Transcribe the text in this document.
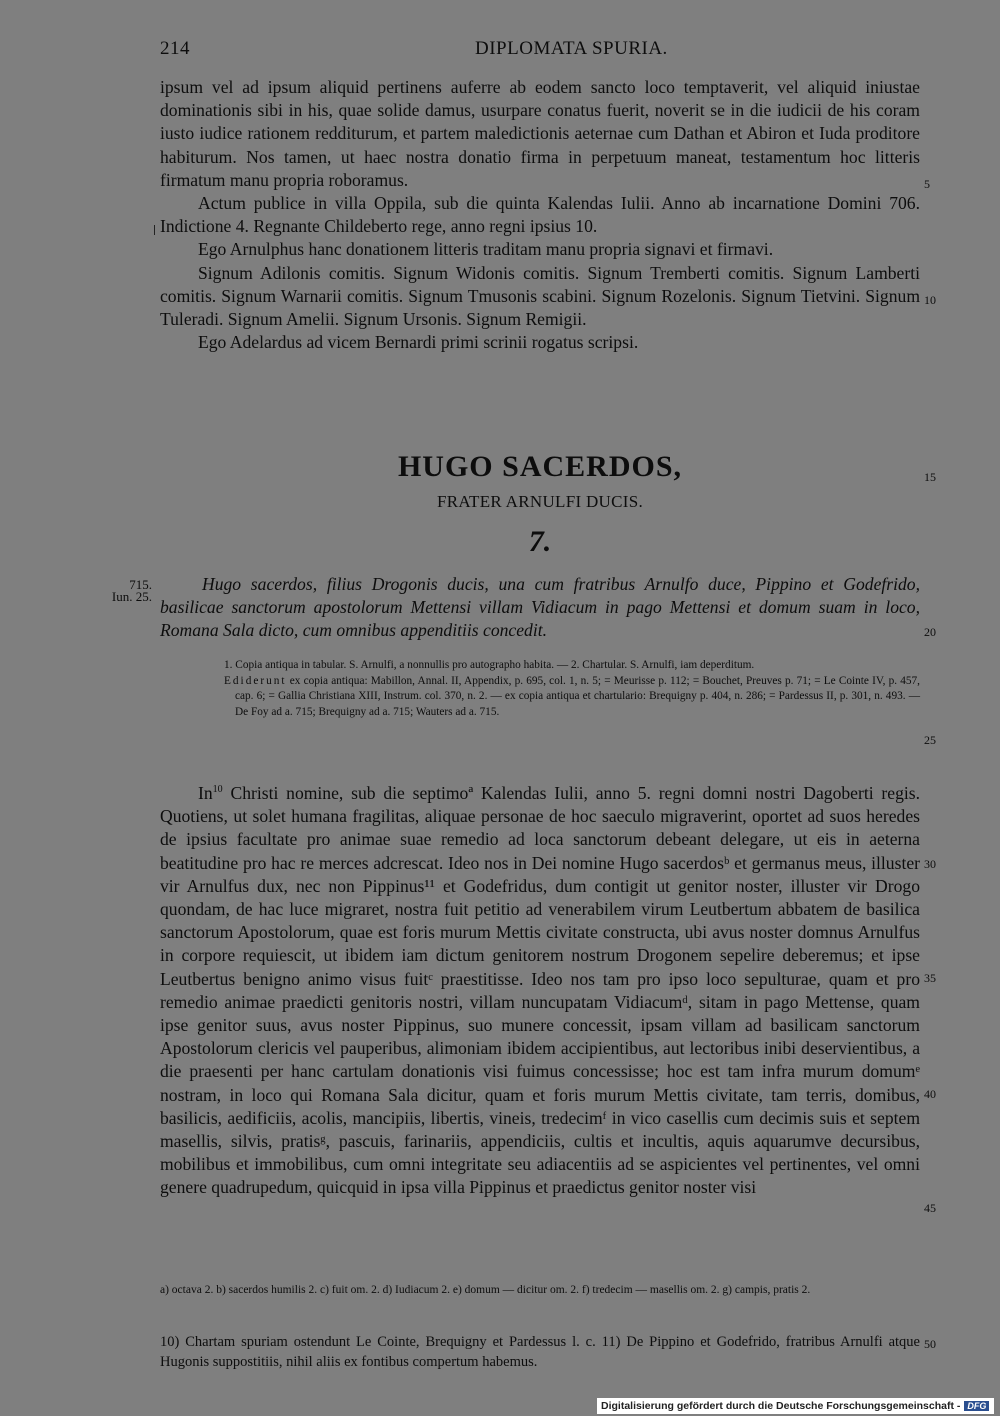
214	DIPLOMATA SPURIA.

ipsum vel ad ipsum aliquid pertinens auferre ab eodem sancto loco temptaverit, vel aliquid iniustae dominationis sibi in his, quae solide damus, usurpare conatus fuerit, noverit se in die iudicii de his coram iusto iudice rationem redditurum, et partem maledictionis aeternae cum Dathan et Abiron et Iuda proditore habiturum. Nos tamen, ut haec nostra donatio firma in perpetuum maneat, testamentum hoc litteris firmatum manu propria roboramus.

Actum publice in villa Oppila, sub die quinta Kalendas Iulii. Anno ab incarnatione Domini 706. Indictione 4. Regnante Childeberto rege, anno regni ipsius 10.

Ego Arnulphus hanc donationem litteris traditam manu propria signavi et firmavi.

Signum Adilonis comitis. Signum Widonis comitis. Signum Tremberti comitis. Signum Lamberti comitis. Signum Warnarii comitis. Signum Tmusonis scabini. Signum Rozelonis. Signum Tietvini. Signum Tuleradi. Signum Amelii. Signum Ursonis. Signum Remigii.

Ego Adelardus ad vicem Bernardi primi scrinii rogatus scripsi.

HUGO SACERDOS,
FRATER ARNULFI DUCIS.
7.
715.
Iun. 25.
Hugo sacerdos, filius Drogonis ducis, una cum fratribus Arnulfo duce, Pippino et Godefrido, basilicae sanctorum apostolorum Mettensi villam Vidiacum in pago Mettensi et domum suam in loco, Romana Sala dicto, cum omnibus appenditiis concedit.

1. Copia antiqua in tabular. S. Arnulfi, a nonnullis pro autographo habita. — 2. Chartular. S. Arnulfi, iam deperditum.

Ediderunt ex copia antiqua: Mabillon, Annal. II, Appendix, p. 695, col. 1, n. 5; = Meurisse p. 112; = Bouchet, Preuves p. 71; = Le Cointe IV, p. 457, cap. 6; = Gallia Christiana XIII, Instrum. col. 370, n. 2. — ex copia antiqua et chartulario: Brequigny p. 404, n. 286; = Pardessus II, p. 301, n. 493. — De Foy ad a. 715; Brequigny ad a. 715; Wauters ad a. 715.

In$^{10}$ Christi nomine, sub die septimoª Kalendas Iulii, anno 5. regni domni nostri Dagoberti regis. Quotiens, ut solet humana fragilitas, aliquae personae de hoc saeculo migraverint, oportet ad suos heredes de ipsius facultate pro animae suae remedio ad loca sanctorum debeant delegare, ut eis in aeterna beatitudine pro hac re merces adcrescat. Ideo nos in Dei nomine Hugo sacerdosᵇ et germanus meus, illuster vir Arnulfus dux, nec non Pippinus¹¹ et Godefridus, dum contigit ut genitor noster, illuster vir Drogo quondam, de hac luce migraret, nostra fuit petitio ad venerabilem virum Leutbertum abbatem de basilica sanctorum Apostolorum, quae est foris murum Mettis civitate constructa, ubi avus noster domnus Arnulfus in corpore requiescit, ut ibidem iam dictum genitorem nostrum Drogonem sepelire deberemus; et ipse Leutbertus benigno animo visus fuitᶜ praestitisse. Ideo nos tam pro ipso loco sepulturae, quam et pro remedio animae praedicti genitoris nostri, villam nuncupatam Vidiacumᵈ, sitam in pago Mettense, quam ipse genitor suus, avus noster Pippinus, suo munere concessit, ipsam villam ad basilicam sanctorum Apostolorum clericis vel pauperibus, alimoniam ibidem accipientibus, aut lectoribus inibi deservientibus, a die praesenti per hanc cartulam donationis visi fuimus concessisse; hoc est tam infra murum domumᵉ nostram, in loco qui Romana Sala dicitur, quam et foris murum Mettis civitate, tam terris, domibus, basilicis, aedificiis, acolis, mancipiis, libertis, vineis, tredecimᶠ in vico casellis cum decimis suis et septem masellis, silvis, pratisᵍ, pascuis, farinariis, appendiciis, cultis et incultis, aquis aquarumve decursibus, mobilibus et immobilibus, cum omni integritate seu adiacentiis ad se aspicientes vel pertinentes, vel omni genere quadrupedum, quicquid in ipsa villa Pippinus et praedictus genitor noster visi

a) octava 2. b) sacerdos humilis 2. c) fuit om. 2. d) Iudiacum 2. e) domum — dicitur om. 2. f) tredecim — masellis om. 2. g) campis, pratis 2.
10) Chartam spuriam ostendunt Le Cointe, Brequigny et Pardessus l. c. 11) De Pippino et Godefrido, fratribus Arnulfi atque Hugonis suppostitiis, nihil aliis ex fontibus compertum habemus.
5
10
15
20
25
30
35
40
45
50
Digitalisierung gefördert durch die Deutsche Forschungsgemeinschaft - DFG
